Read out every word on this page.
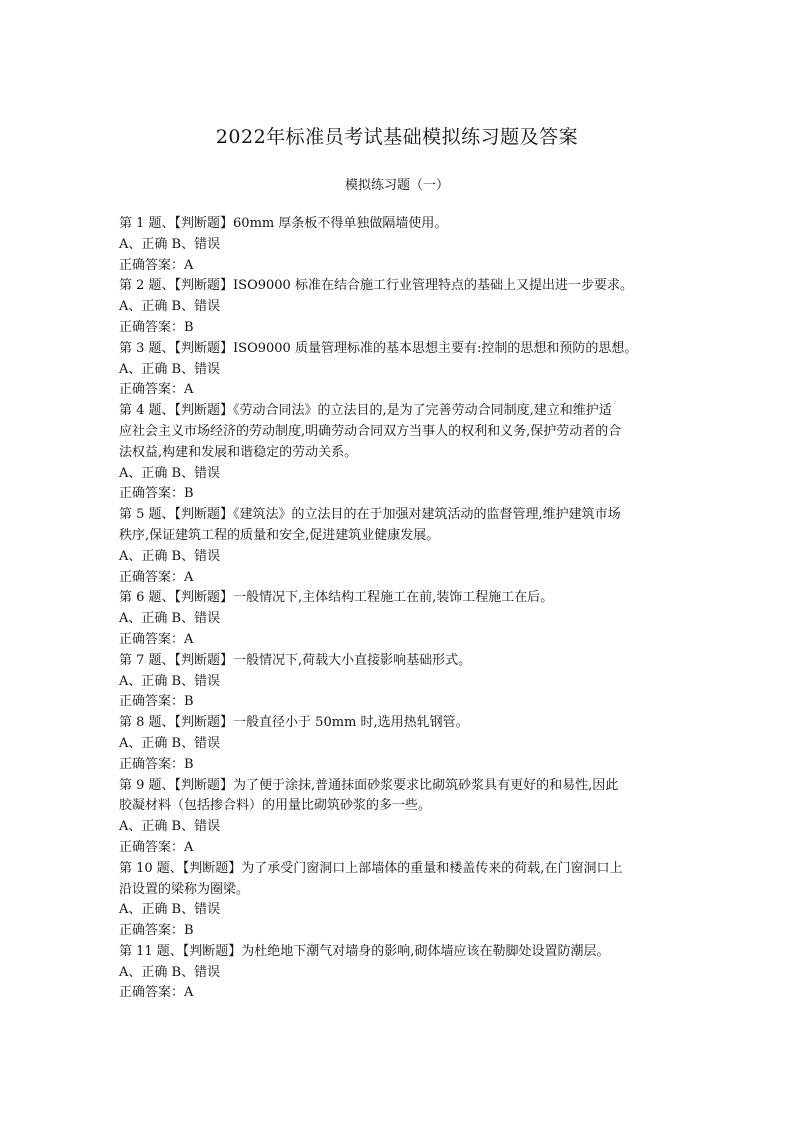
2022年标准员考试基础模拟练习题及答案
模拟练习题（一）
第 1 题、【判断题】60mm 厚条板不得单独做隔墙使用。
A、正确 B、错误
正确答案：A
第 2 题、【判断题】ISO9000 标准在结合施工行业管理特点的基础上又提出进一步要求。
A、正确 B、错误
正确答案：B
第 3 题、【判断题】ISO9000 质量管理标准的基本思想主要有:控制的思想和预防的思想。
A、正确 B、错误
正确答案：A
第 4 题、【判断题】《劳动合同法》的立法目的,是为了完善劳动合同制度,建立和维护适
应社会主义市场经济的劳动制度,明确劳动合同双方当事人的权利和义务,保护劳动者的合
法权益,构建和发展和谐稳定的劳动关系。
A、正确 B、错误
正确答案：B
第 5 题、【判断题】《建筑法》的立法目的在于加强对建筑活动的监督管理,维护建筑市场
秩序,保证建筑工程的质量和安全,促进建筑业健康发展。
A、正确 B、错误
正确答案：A
第 6 题、【判断题】一般情况下,主体结构工程施工在前,装饰工程施工在后。
A、正确 B、错误
正确答案：A
第 7 题、【判断题】一般情况下,荷载大小直接影响基础形式。
A、正确 B、错误
正确答案：B
第 8 题、【判断题】一般直径小于 50mm 时,选用热轧钢管。
A、正确 B、错误
正确答案：B
第 9 题、【判断题】为了便于涂抹,普通抹面砂浆要求比砌筑砂浆具有更好的和易性,因此
胶凝材料（包括掺合料）的用量比砌筑砂浆的多一些。
A、正确 B、错误
正确答案：A
第 10 题、【判断题】为了承受门窗洞口上部墙体的重量和楼盖传来的荷载,在门窗洞口上
沿设置的梁称为圈梁。
A、正确 B、错误
正确答案：B
第 11 题、【判断题】为杜绝地下潮气对墙身的影响,砌体墙应该在勒脚处设置防潮层。
A、正确 B、错误
正确答案：A
